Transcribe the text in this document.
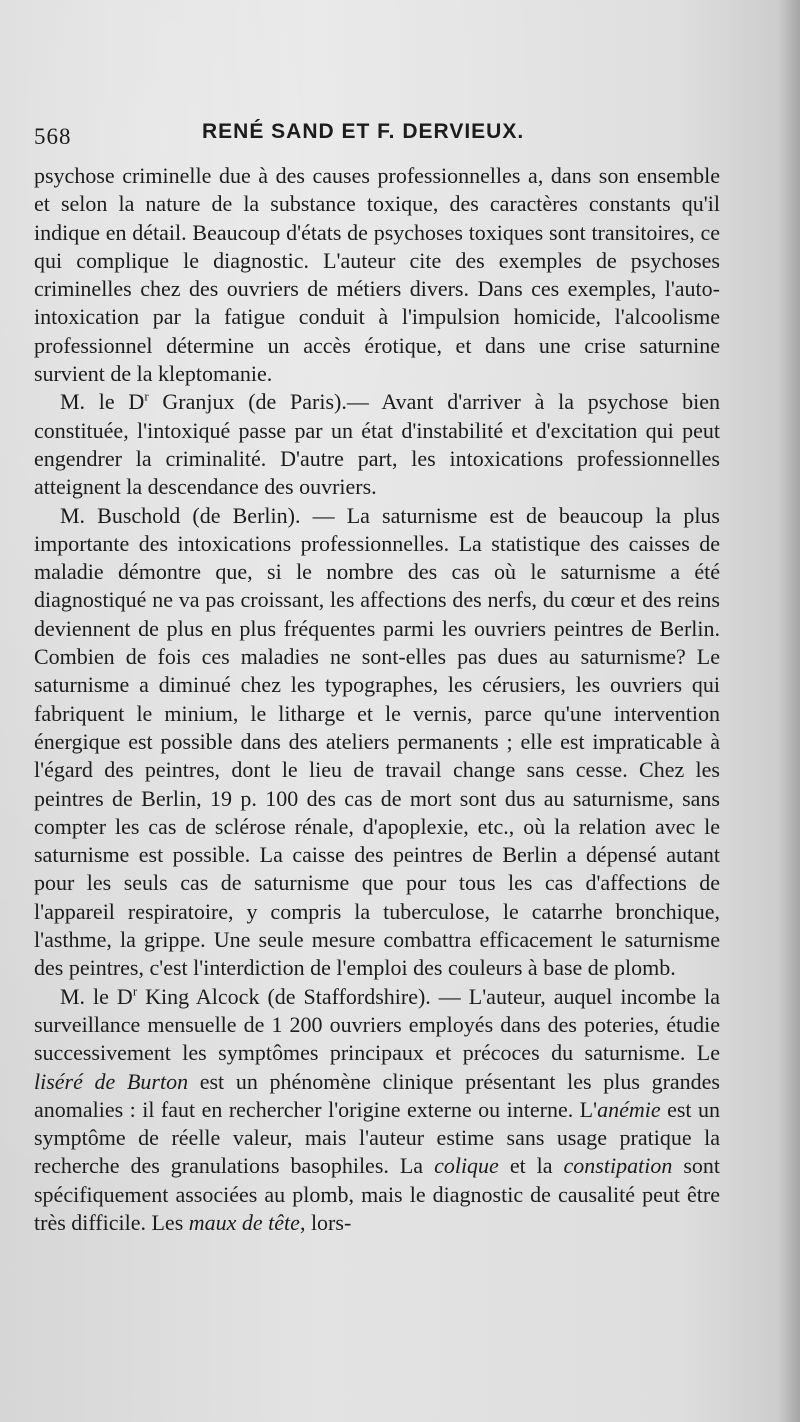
568	RENÉ SAND ET F. DERVIEUX.

psychose criminelle due à des causes professionnelles a, dans son ensemble et selon la nature de la substance toxique, des caractères constants qu'il indique en détail. Beaucoup d'états de psychoses toxiques sont transitoires, ce qui complique le diagnostic. L'auteur cite des exemples de psychoses criminelles chez des ouvriers de métiers divers. Dans ces exemples, l'auto-intoxication par la fatigue conduit à l'impulsion homicide, l'alcoolisme professionnel détermine un accès érotique, et dans une crise saturnine survient de la kleptomanie.

M. le $D^r$ Granjux (de Paris).— Avant d'arriver à la psychose bien constituée, l'intoxiqué passe par un état d'instabilité et d'excitation qui peut engendrer la criminalité. D'autre part, les intoxications professionnelles atteignent la descendance des ouvriers.

M. Buschold (de Berlin). — La saturnisme est de beaucoup la plus importante des intoxications professionnelles. La statistique des caisses de maladie démontre que, si le nombre des cas où le saturnisme a été diagnostiqué ne va pas croissant, les affections des nerfs, du cœur et des reins deviennent de plus en plus fréquentes parmi les ouvriers peintres de Berlin. Combien de fois ces maladies ne sont-elles pas dues au saturnisme? Le saturnisme a diminué chez les typographes, les cérusiers, les ouvriers qui fabriquent le minium, le litharge et le vernis, parce qu'une intervention énergique est possible dans des ateliers permanents ; elle est impraticable à l'égard des peintres, dont le lieu de travail change sans cesse. Chez les peintres de Berlin, 19 p. 100 des cas de mort sont dus au saturnisme, sans compter les cas de sclérose rénale, d'apoplexie, etc., où la relation avec le saturnisme est possible. La caisse des peintres de Berlin a dépensé autant pour les seuls cas de saturnisme que pour tous les cas d'affections de l'appareil respiratoire, y compris la tuberculose, le catarrhe bronchique, l'asthme, la grippe. Une seule mesure combattra efficacement le saturnisme des peintres, c'est l'interdiction de l'emploi des couleurs à base de plomb.

M. le $D^r$ King Alcock (de Staffordshire). — L'auteur, auquel incombe la surveillance mensuelle de 1 200 ouvriers employés dans des poteries, étudie successivement les symptômes principaux et précoces du saturnisme. Le liséré de Burton est un phénomène clinique présentant les plus grandes anomalies : il faut en rechercher l'origine externe ou interne. L'anémie est un symptôme de réelle valeur, mais l'auteur estime sans usage pratique la recherche des granulations basophiles. La colique et la constipation sont spécifiquement associées au plomb, mais le diagnostic de causalité peut être très difficile. Les maux de tête, lors-
